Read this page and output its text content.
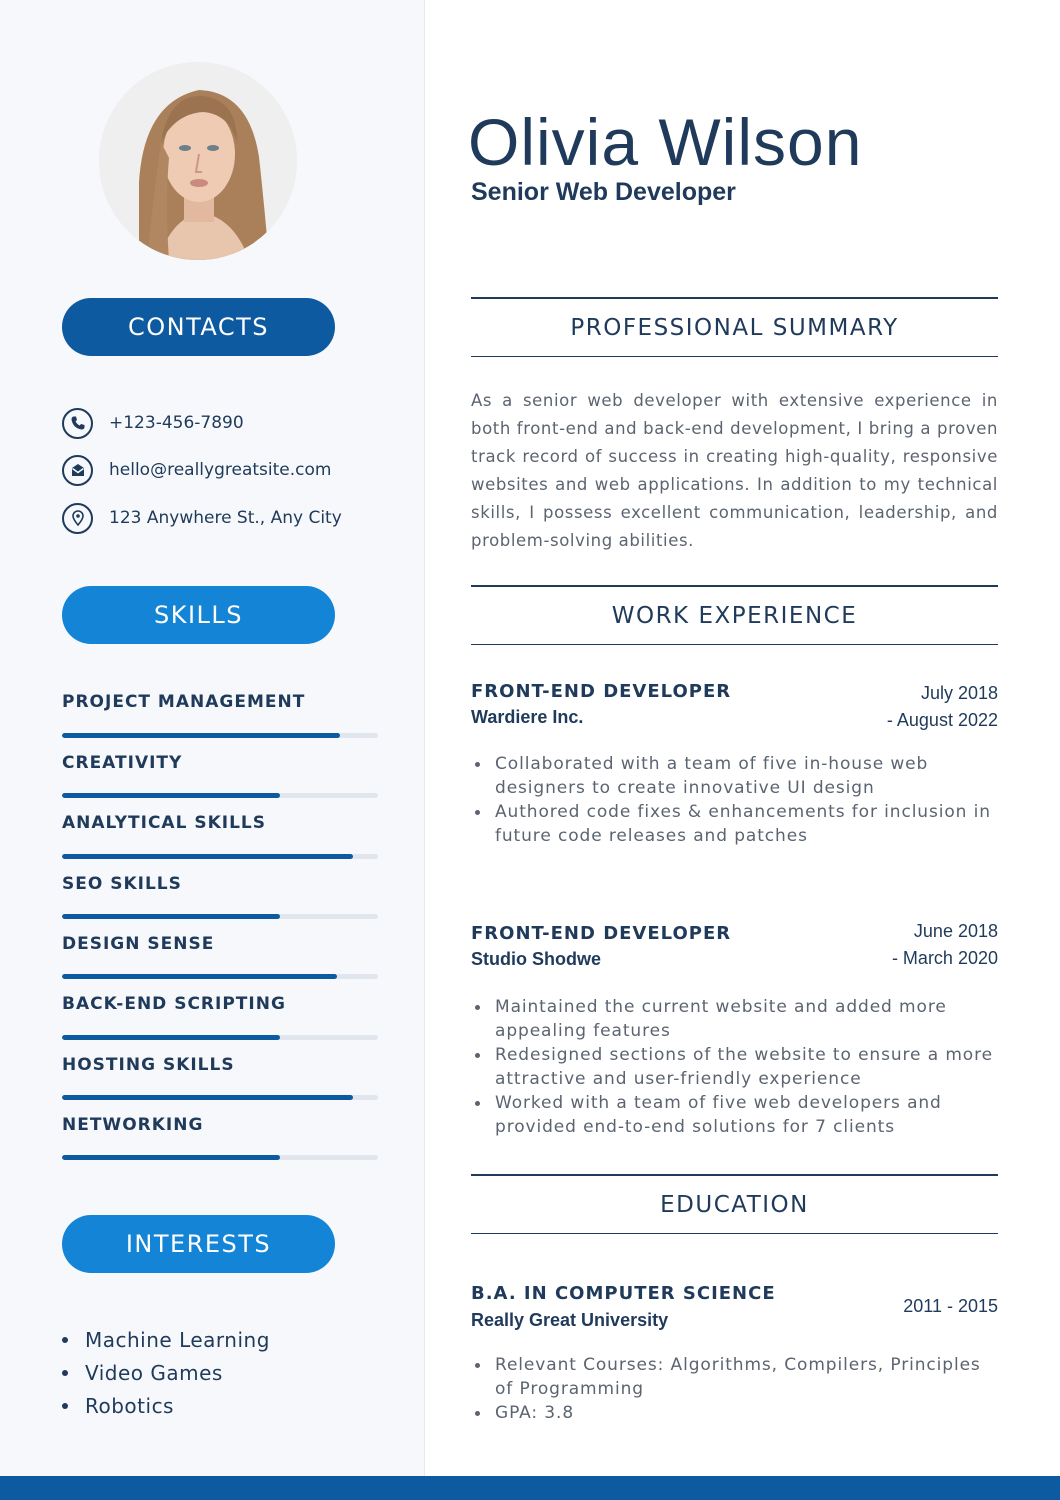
CONTACTS
+123-456-7890
hello@reallygreatsite.com
123 Anywhere St., Any City
SKILLS
PROJECT MANAGEMENT
CREATIVITY
ANALYTICAL SKILLS
SEO SKILLS
DESIGN SENSE
BACK-END SCRIPTING
HOSTING SKILLS
NETWORKING
INTERESTS
Machine Learning
Video Games
Robotics
Olivia Wilson
Senior Web Developer
PROFESSIONAL SUMMARY

As a senior web developer with extensive experience in both front-end and back-end development, I bring a proven track record of success in creating high-quality, responsive websites and web applications. In addition to my technical skills, I possess excellent communication, leadership, and problem-solving abilities.

WORK EXPERIENCE
FRONT-END DEVELOPER
Wardiere Inc.
July 2018
- August 2022
Collaborated with a team of five in-house web designers to create innovative UI design
Authored code fixes & enhancements for inclusion in future code releases and patches
FRONT-END DEVELOPER
Studio Shodwe
June 2018
- March 2020
Maintained the current website and added more appealing features
Redesigned sections of the website to ensure a more attractive and user-friendly experience
Worked with a team of five web developers and provided end-to-end solutions for 7 clients
EDUCATION
B.A. IN COMPUTER SCIENCE
Really Great University
2011 - 2015
Relevant Courses: Algorithms, Compilers, Principles of Programming
GPA: 3.8
